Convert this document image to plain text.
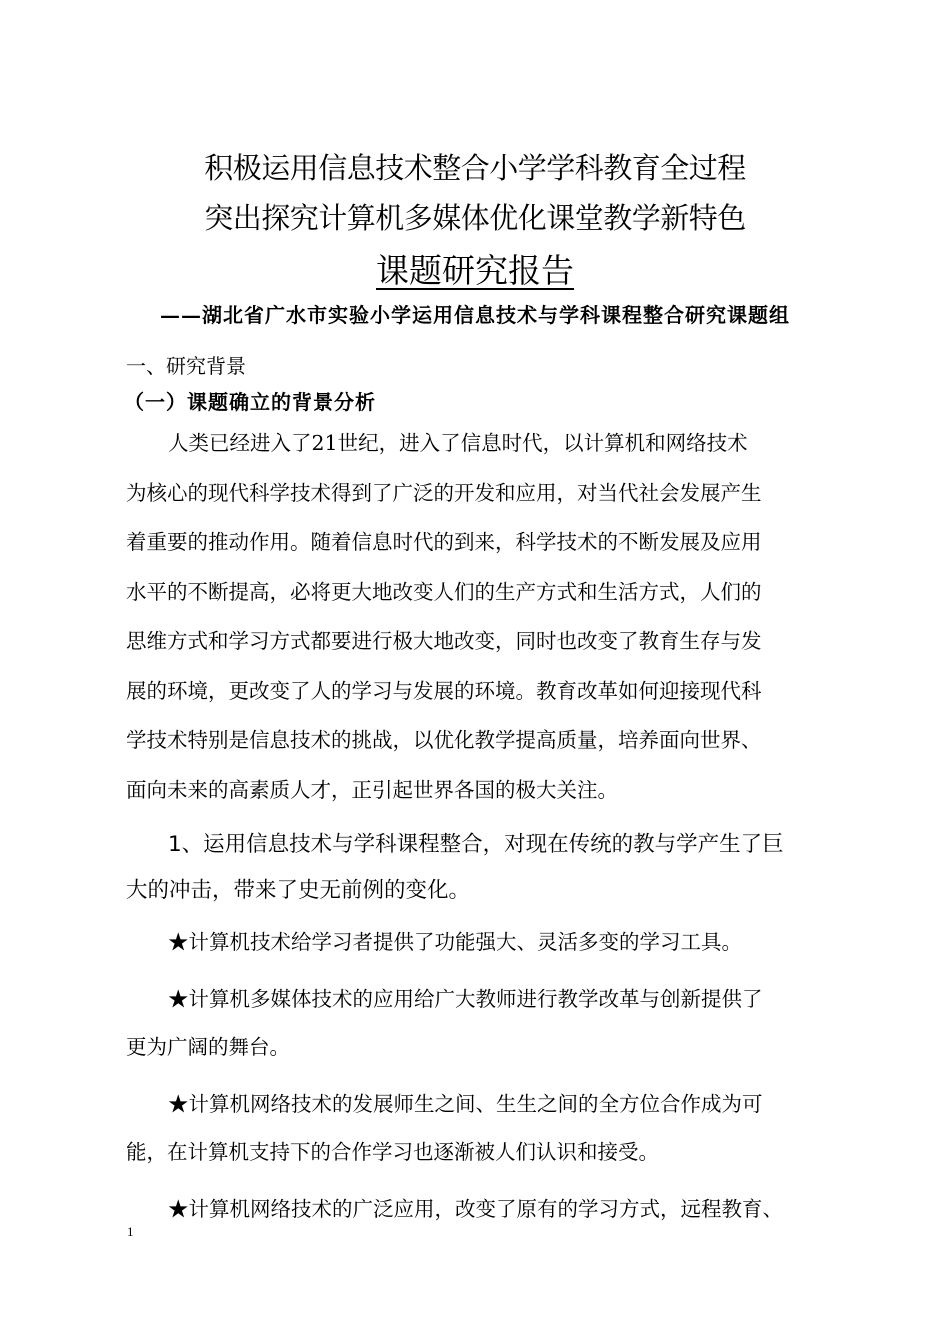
积极运用信息技术整合小学学科教育全过程
突出探究计算机多媒体优化课堂教学新特色
课题研究报告
——湖北省广水市实验小学运用信息技术与学科课程整合研究课题组
一、研究背景
（一）课题确立的背景分析
人类已经进入了21世纪，进入了信息时代，以计算机和网络技术
为核心的现代科学技术得到了广泛的开发和应用，对当代社会发展产生
着重要的推动作用。随着信息时代的到来，科学技术的不断发展及应用
水平的不断提高，必将更大地改变人们的生产方式和生活方式，人们的
思维方式和学习方式都要进行极大地改变，同时也改变了教育生存与发
展的环境，更改变了人的学习与发展的环境。教育改革如何迎接现代科
学技术特别是信息技术的挑战，以优化教学提高质量，培养面向世界、
面向未来的高素质人才，正引起世界各国的极大关注。
1、运用信息技术与学科课程整合，对现在传统的教与学产生了巨
大的冲击，带来了史无前例的变化。
★计算机技术给学习者提供了功能强大、灵活多变的学习工具。
★计算机多媒体技术的应用给广大教师进行教学改革与创新提供了
更为广阔的舞台。
★计算机网络技术的发展师生之间、生生之间的全方位合作成为可
能，在计算机支持下的合作学习也逐渐被人们认识和接受。
★计算机网络技术的广泛应用，改变了原有的学习方式，远程教育、
1
